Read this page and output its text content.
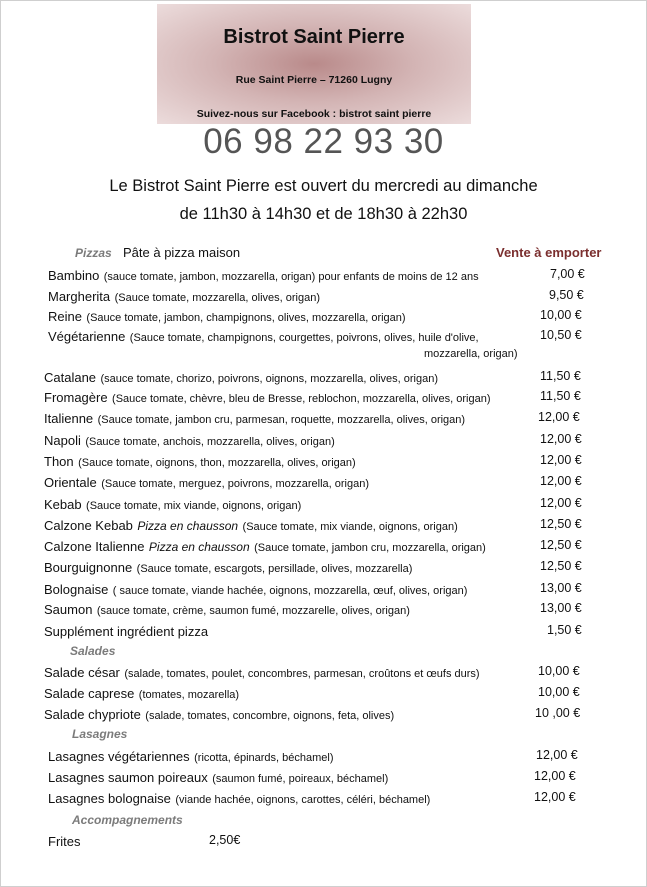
Bistrot Saint Pierre
Rue Saint Pierre – 71260 Lugny
Suivez-nous sur Facebook : bistrot saint pierre
06 98 22 93 30
Le Bistrot Saint Pierre est ouvert du mercredi au dimanche
de 11h30 à 14h30 et de 18h30 à 22h30
Pizzas Pâte à pizza maison	Vente à emporter
Bambino (sauce tomate, jambon, mozzarella, origan) pour enfants de moins de 12 ans	7,00 €
Margherita (Sauce tomate, mozzarella, olives, origan)	9,50 €
Reine (Sauce tomate, jambon, champignons, olives, mozzarella, origan)	10,00 €
Végétarienne (Sauce tomate, champignons, courgettes, poivrons, olives, huile d'olive,	10,50 €
mozzarella, origan)
Catalane (sauce tomate, chorizo, poivrons, oignons, mozzarella, olives, origan)	11,50 €
Fromagère (Sauce tomate, chèvre, bleu de Bresse, reblochon, mozzarella, olives, origan)	11,50 €
Italienne (Sauce tomate, jambon cru, parmesan, roquette, mozzarella, olives, origan)	12,00 €
Napoli (Sauce tomate, anchois, mozzarella, olives, origan)	12,00 €
Thon (Sauce tomate, oignons, thon, mozzarella, olives, origan)	12,00 €
Orientale (Sauce tomate, merguez, poivrons, mozzarella, origan)	12,00 €
Kebab (Sauce tomate, mix viande, oignons, origan)	12,00 €
Calzone Kebab Pizza en chausson (Sauce tomate, mix viande, oignons, origan)	12,50 €
Calzone Italienne Pizza en chausson (Sauce tomate, jambon cru, mozzarella, origan)	12,50 €
Bourguignonne (Sauce tomate, escargots, persillade, olives, mozzarella)	12,50 €
Bolognaise ( sauce tomate, viande hachée, oignons, mozzarella, œuf, olives, origan)	13,00 €
Saumon (sauce tomate, crème, saumon fumé, mozzarelle, olives, origan)	13,00 €
Supplément ingrédient pizza	1,50 €
Salades
Salade césar (salade, tomates, poulet, concombres, parmesan, croûtons et œufs durs)	10,00 €
Salade caprese (tomates, mozarella)	10,00 €
Salade chypriote (salade, tomates, concombre, oignons, feta, olives)	10 ,00 €
Lasagnes
Lasagnes végétariennes (ricotta, épinards, béchamel)	12,00 €
Lasagnes saumon poireaux (saumon fumé, poireaux, béchamel)	12,00 €
Lasagnes bolognaise (viande hachée, oignons, carottes, céléri, béchamel)	12,00 €
Accompagnements
Frites	2,50€
